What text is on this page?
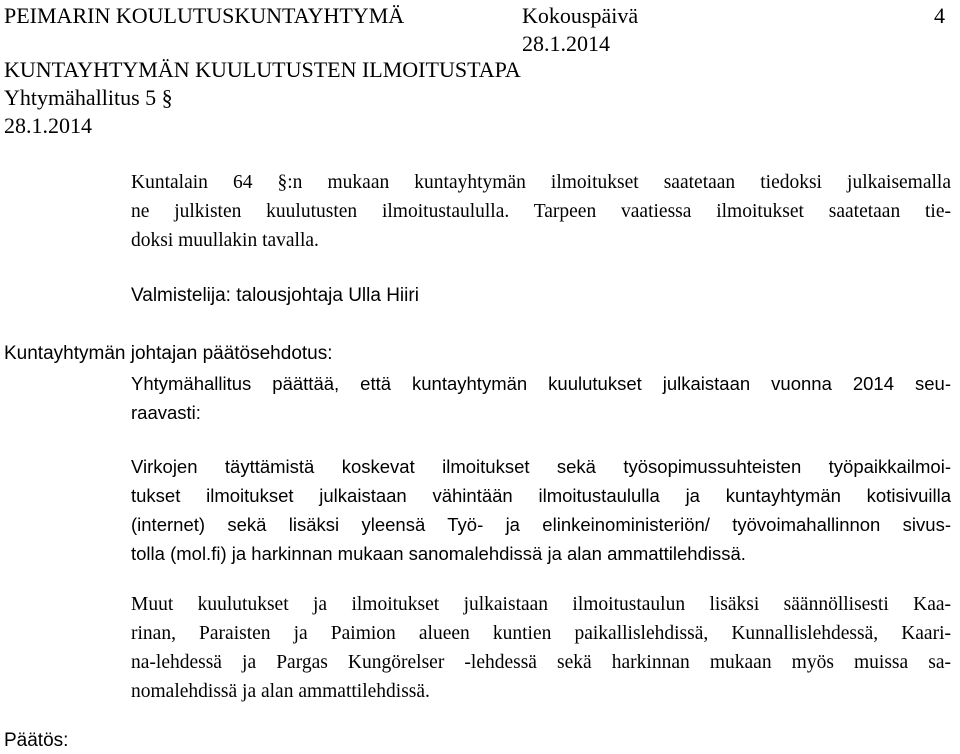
PEIMARIN KOULUTUSKUNTAYHTYMÄ	Kokouspäivä	4
28.1.2014
KUNTAYHTYMÄN KUULUTUSTEN ILMOITUSTAPA
Yhtymähallitus 5 §
28.1.2014
Kuntalain 64 §:n mukaan kuntayhtymän ilmoitukset saatetaan tiedoksi julkaisemalla
ne julkisten kuulutusten ilmoitustaululla. Tarpeen vaatiessa ilmoitukset saatetaan tie-
doksi muullakin tavalla.
Valmistelija: talousjohtaja Ulla Hiiri
Kuntayhtymän johtajan päätösehdotus:
Yhtymähallitus päättää, että kuntayhtymän kuulutukset julkaistaan vuonna 2014 seu-
raavasti:
Virkojen täyttämistä koskevat ilmoitukset sekä työsopimussuhteisten työpaikkailmoi-
tukset ilmoitukset julkaistaan vähintään ilmoitustaululla ja kuntayhtymän kotisivuilla
(internet) sekä lisäksi yleensä Työ- ja elinkeinoministeriön/ työvoimahallinnon sivus-
tolla (mol.fi) ja harkinnan mukaan sanomalehdissä ja alan ammattilehdissä.
Muut kuulutukset ja ilmoitukset julkaistaan ilmoitustaulun lisäksi säännöllisesti Kaa-
rinan, Paraisten ja Paimion alueen kuntien paikallislehdissä, Kunnallislehdessä, Kaari-
na-lehdessä ja Pargas Kungörelser -lehdessä sekä harkinnan mukaan myös muissa sa-
nomalehdissä ja alan ammattilehdissä.
Päätös:
